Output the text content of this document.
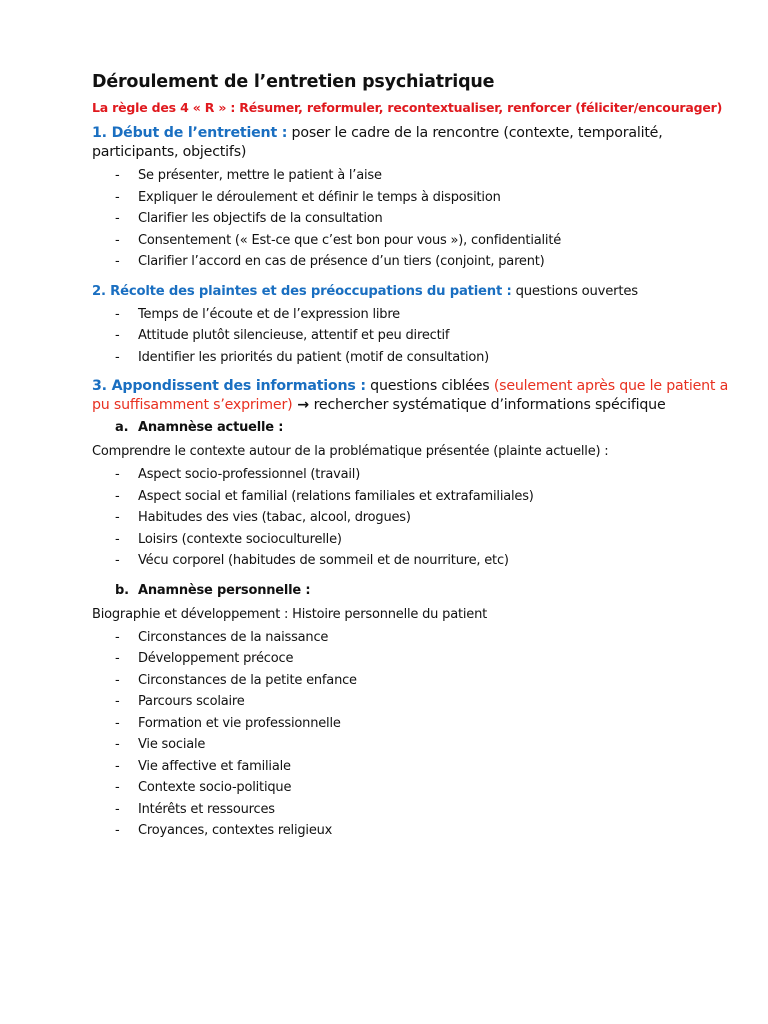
Déroulement de l’entretien psychiatrique

La règle des 4 « R » : Résumer, reformuler, recontextualiser, renforcer (féliciter/encourager)

1. Début de l’entretient : poser le cadre de la rencontre (contexte, temporalité, participants, objectifs)

- Se présenter, mettre le patient à l’aise
- Expliquer le déroulement et définir le temps à disposition
- Clarifier les objectifs de la consultation
- Consentement (« Est-ce que c’est bon pour vous »), confidentialité
- Clarifier l’accord en cas de présence d’un tiers (conjoint, parent)

2. Récolte des plaintes et des préoccupations du patient : questions ouvertes

- Temps de l’écoute et de l’expression libre
- Attitude plutôt silencieuse, attentif et peu directif
- Identifier les priorités du patient (motif de consultation)

3. Appondissent des informations : questions ciblées (seulement après que le patient a pu suffisamment s’exprimer) → rechercher systématique d’informations spécifique

a. Anamnèse actuelle :

Comprendre le contexte autour de la problématique présentée (plainte actuelle) :

- Aspect socio-professionnel (travail)
- Aspect social et familial (relations familiales et extrafamiliales)
- Habitudes des vies (tabac, alcool, drogues)
- Loisirs (contexte socioculturelle)
- Vécu corporel (habitudes de sommeil et de nourriture, etc)

b. Anamnèse personnelle :

Biographie et développement : Histoire personnelle du patient

- Circonstances de la naissance
- Développement précoce
- Circonstances de la petite enfance
- Parcours scolaire
- Formation et vie professionnelle
- Vie sociale
- Vie affective et familiale
- Contexte socio-politique
- Intérêts et ressources
- Croyances, contextes religieux
